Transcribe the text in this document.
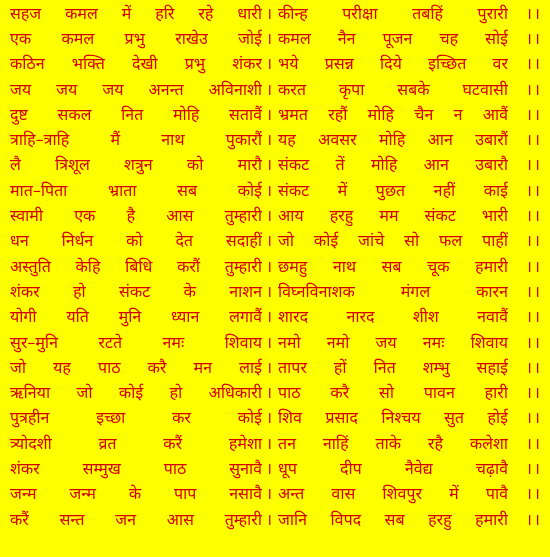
सहज कमल में हरि रहे धारी । कीन्ह परीक्षा तबहिं पुरारी	।।
एक कमल प्रभु राखेउ जोई । कमल नैन पूजन चह सोई	।।
कठिन भक्ति देखी प्रभु शंकर । भये प्रसन्न दिये इच्छित वर	।।
जय जय जय अनन्त अविनाशी । करत कृपा सबके घटवासी	।।
दुष्ट सकल नित मोहि सतावैं । भ्रमत रहौं मोहि चैन न आवैं	।।
त्राहि–त्राहि मैं नाथ पुकारौं । यह अवसर मोहि आन उबारौं	।।
लै त्रिशूल शत्रुन को मारौ । संकट तें मोहि आन उबारौ	।।
मात–पिता भ्राता सब कोई । संकट में पुछत नहीं काई	।।
स्वामी एक है आस तुम्हारी । आय हरहु मम संकट भारी	।।
धन निर्धन को देत सदाहीं । जो कोई जांचे सो फल पाहीं	।।
अस्तुति केहि बिधि करौं तुम्हारी । छमहु नाथ सब चूक हमारी	।।
शंकर हो संकट के नाशन । विघ्नविनाशक मंगल कारन	।।
योगी यति मुनि ध्यान लगावैं । शारद नारद शीश नवावैं	।।
सुर–मुनि रटते नमः शिवाय । नमो नमो जय नमः शिवाय	।।
जो यह पाठ करै मन लाई । तापर हों नित शम्भु सहाई	।।
ऋनिया जो कोई हो अधिकारी । पाठ करै सो पावन हारी	।।
पुत्रहीन इच्छा कर कोई । शिव प्रसाद निश्चय सुत होई	।।
त्र्योदशी व्रत करैं हमेशा । तन नाहिं ताके रहै कलेशा	।।
शंकर सम्मुख पाठ सुनावै । धूप दीप नैवेद्य चढ़ावै	।।
जन्म जन्म के पाप नसावै । अन्त वास शिवपुर में पावै	।।
करैं सन्त जन आस तुम्हारी । जानि विपद सब हरहु हमारी	।।
